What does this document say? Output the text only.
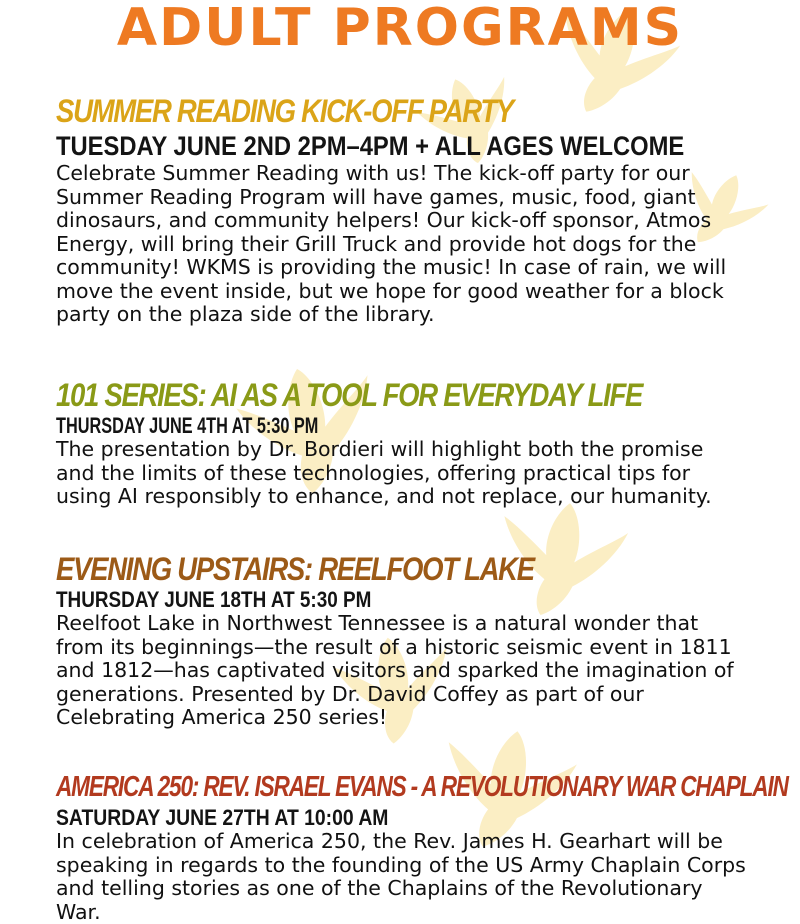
ADULT PROGRAMS
SUMMER READING KICK-OFF PARTY

TUESDAY JUNE 2ND 2PM–4PM + ALL AGES WELCOME

Celebrate Summer Reading with us! The kick-off party for our Summer Reading Program will have games, music, food, giant dinosaurs, and community helpers! Our kick-off sponsor, Atmos Energy, will bring their Grill Truck and provide hot dogs for the community! WKMS is providing the music! In case of rain, we will move the event inside, but we hope for good weather for a block party on the plaza side of the library.

101 SERIES: AI AS A TOOL FOR EVERYDAY LIFE

THURSDAY JUNE 4TH AT 5:30 PM

The presentation by Dr. Bordieri will highlight both the promise and the limits of these technologies, offering practical tips for using AI responsibly to enhance, and not replace, our humanity.

EVENING UPSTAIRS: REELFOOT LAKE

THURSDAY JUNE 18TH AT 5:30 PM

Reelfoot Lake in Northwest Tennessee is a natural wonder that from its beginnings—the result of a historic seismic event in 1811 and 1812—has captivated visitors and sparked the imagination of generations. Presented by Dr. David Coffey as part of our Celebrating America 250 series!

AMERICA 250: REV. ISRAEL EVANS - A REVOLUTIONARY WAR CHAPLAIN

SATURDAY JUNE 27TH AT 10:00 AM

In celebration of America 250, the Rev. James H. Gearhart will be speaking in regards to the founding of the US Army Chaplain Corps and telling stories as one of the Chaplains of the Revolutionary War.
